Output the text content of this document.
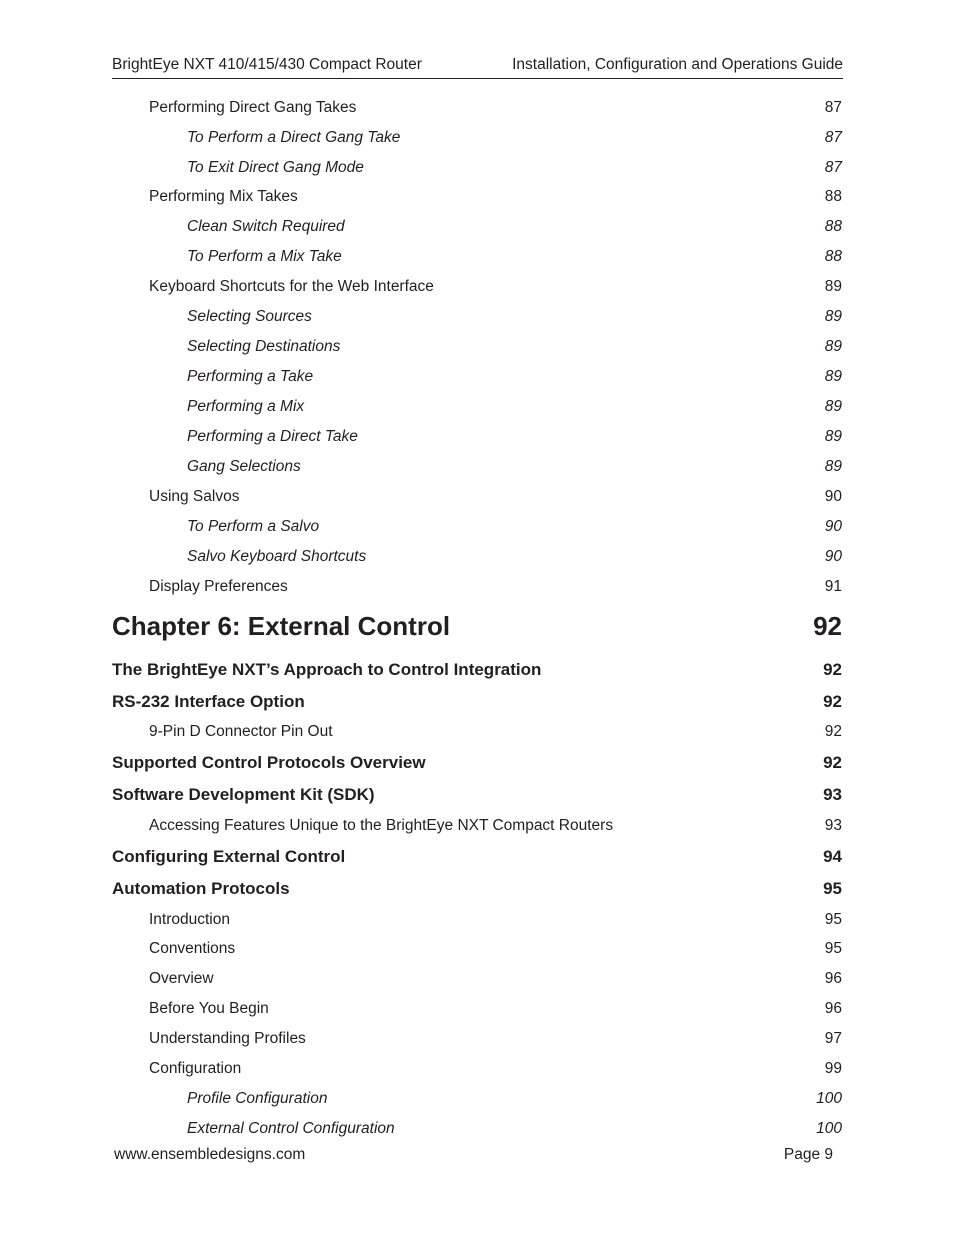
BrightEye NXT 410/415/430 Compact Router	Installation, Configuration and Operations Guide
Performing Direct Gang Takes	87
To Perform a Direct Gang Take	87
To Exit Direct Gang Mode	87
Performing Mix Takes	88
Clean Switch Required	88
To Perform a Mix Take	88
Keyboard Shortcuts for the Web Interface	89
Selecting Sources	89
Selecting Destinations	89
Performing a Take	89
Performing a Mix	89
Performing a Direct Take	89
Gang Selections	89
Using Salvos	90
To Perform a Salvo	90
Salvo Keyboard Shortcuts	90
Display Preferences	91
Chapter 6: External Control	92
The BrightEye NXT’s Approach to Control Integration	92
RS-232 Interface Option	92
9-Pin D Connector Pin Out	92
Supported Control Protocols Overview	92
Software Development Kit (SDK)	93
Accessing Features Unique to the BrightEye NXT Compact Routers	93
Configuring External Control	94
Automation Protocols	95
Introduction	95
Conventions	95
Overview	96
Before You Begin	96
Understanding Profiles	97
Configuration	99
Profile Configuration	100
External Control Configuration	100
www.ensembledesigns.com	Page 9
